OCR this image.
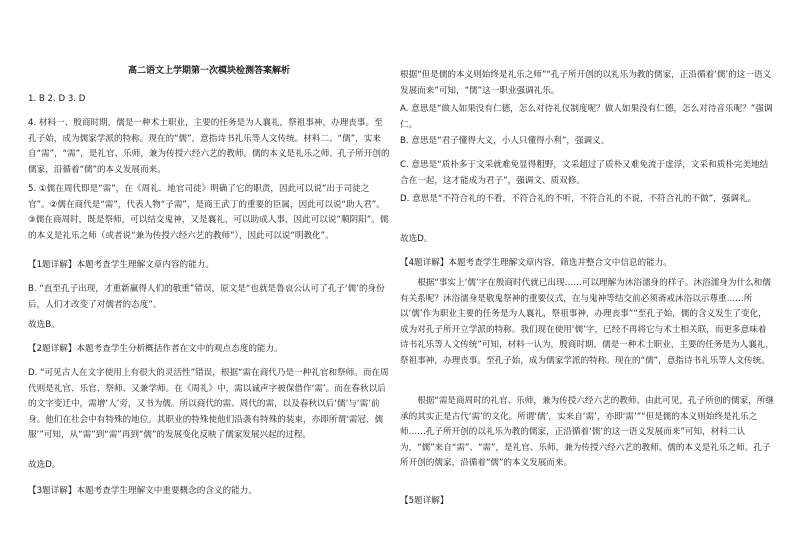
高二语文上学期第一次模块检测答案解析
1. B 2. D 3. D
4. 材料一、殷商时期，儒是一种术士职业，主要的任务是为人襄礼，祭祖事神，办理丧事。至孔子始，成为儒家学派的特称。现在的“儒”，意指诗书礼乐等人文传统。材料二、“儒”，实来自“需”，“需”，是礼官、乐师，兼为传授六经六艺的教师。儒的本义是礼乐之师。孔子所开创的儒家，沿循着“儒”的本义发展而来。
5. ①儒在周代即是“需”，在《周礼．地官司徒》明确了它的职责，因此可以说“出于司徒之官”。②儒在商代是“需”，代表人物“子需”，是商王武丁的重要的臣属，因此可以说“助人君”。③儒在商周时，既是祭师，可以结交鬼神，又是襄礼，可以助成人事，因此可以说“顺阴阳”。儒的本义是礼乐之师（或者说“兼为传授六经六艺的教师”），因此可以说“明教化”。
【1题详解】本题考查学生理解文章内容的能力。
B. “直至孔子出现，才重新赢得人们的敬重”错误，原文是“也就是鲁哀公认可了孔子‘儒’的身份后，人们才改变了对儒者的态度”。
故选B。
【2题详解】本题考查学生分析概括作者在文中的观点态度的能力。
D. “可见古人在文字使用上有很大的灵活性”错误，根据“需在商代乃是一种礼官和祭师。而在周代则是礼官、乐官、祭师、又兼学师。在《周礼》中，需以诚声字被保借作‘需’。而在春秋以后的文字变迁中，需增‘人’旁，又书为儒。所以商代的需、周代的需，以及春秋以后‘儒’与‘需’前身。他们在社会中有特殊的地位。其职业的特殊使他们沿袭有特殊的装束，亦即所谓‘需冠、儒服’”可知，从“需”到“需”再到“儒”的发展变化反映了儒家发展兴起的过程。
故选D。
【3题详解】本题考查学生理解文中重要概念的含义的能力。
根据“但是儒的本义则始终是礼乐之师”“孔子所开创的以礼乐为教的儒家，正沿循着‘儒’的这一语义发展而来”可知，“儒”这一职业强调礼乐。
A. 意思是“做人如果没有仁德，怎么对待礼仪制度呢？做人如果没有仁德，怎么对待音乐呢？”强调仁。
B. 意思是“君子懂得大义，小人只懂得小利”，强调义。
C. 意思是“质朴多于文采就难免显得粗野，文采超过了质朴又难免流于虚浮，文采和质朴完美地结合在一起，这才能成为君子”，强调文、质双修。
D. 意思是“不符合礼的不看，不符合礼的不听，不符合礼的不说，不符合礼的不做”，强调礼。
故选D。
【4题详解】本题考查学生理解文章内容，筛选并整合文中信息的能力。
根据“事实上‘儒’字在殷商时代就已出现……可以理解为沐浴濡身的样子。沐浴濡身为什么和儒有关系呢？沐浴濡身是敬鬼祭神的重要仪式，在与鬼神等结交前必须斋戒沐浴以示尊重……所以‘儒’作为职业主要的任务是为人襄礼，祭祖事神，办理丧事”“至孔子始，儒的含义发生了变化，成为对孔子所开立学派的特称。我们现在使用‘儒’字，已经不再将它与术士相关联，而更多意味着诗书礼乐等人文传统”可知，材料一认为，殷商时期，儒是一种术士职业，主要的任务是为人襄礼，祭祖事神，办理丧事。至孔子始，成为儒家学派的特称。现在的“儒”，意指诗书礼乐等人文传统。
根据“需是商周时的礼官、乐师，兼为传授六经六艺的教师。由此可见，孔子所创的儒家，所继承的其实正是古代‘需’的文化。所谓‘儒’，实来自‘需’，亦即‘需’”“但是儒的本义则始终是礼乐之师……孔子所开创的以礼乐为教的儒家，正沿循着‘儒’的这一语义发展而来”可知，材料二认为，“儒”来自“需”、“需”，是礼官、乐师，兼为传授六经六艺的教师。儒的本义是礼乐之师。孔子所开创的儒家，沿循着“儒”的本义发展而来。
【5题详解】
